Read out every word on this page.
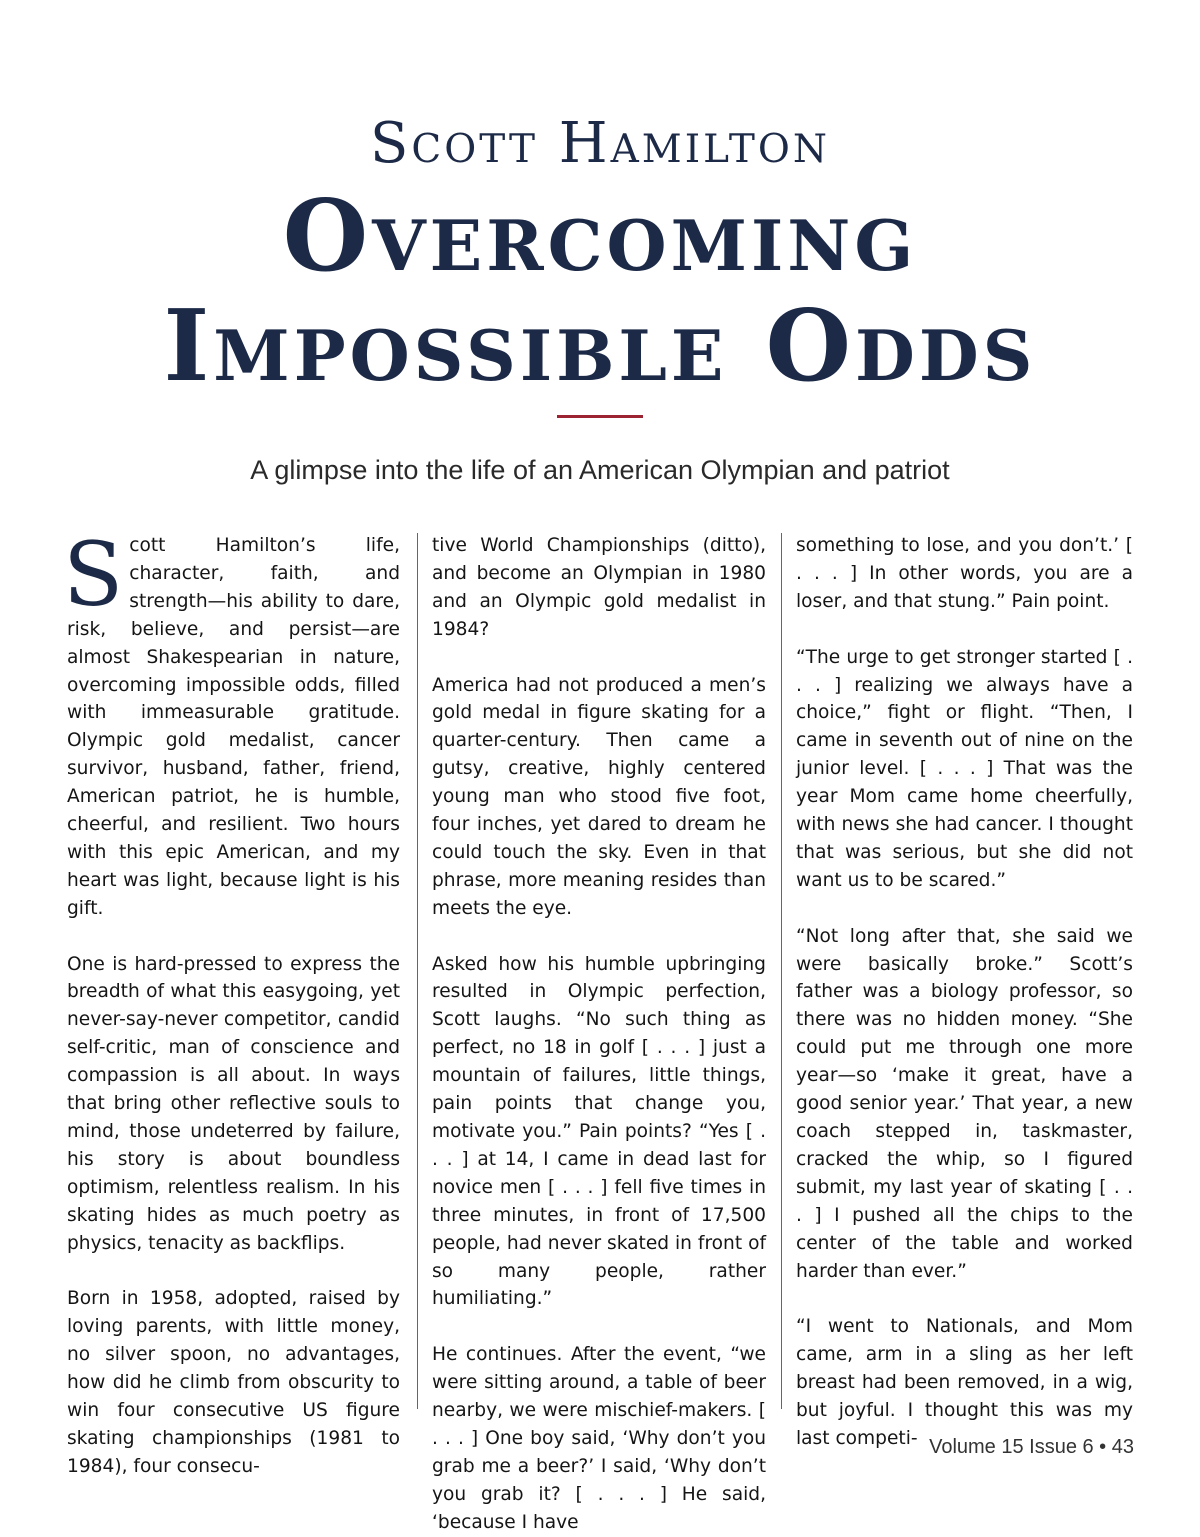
Scott Hamilton
Overcoming
Impossible Odds
A glimpse into the life of an American Olympian and patriot

Scott Hamilton’s life, character, faith, and strength—his ability to dare, risk, believe, and persist—are almost Shakespearian in nature, overcoming impossible odds, filled with immeasurable gratitude. Olympic gold medalist, cancer survivor, husband, father, friend, American patriot, he is humble, cheerful, and resilient. Two hours with this epic American, and my heart was light, because light is his gift.

One is hard-pressed to express the breadth of what this easygoing, yet never-say-never competitor, candid self-critic, man of conscience and compassion is all about. In ways that bring other reflective souls to mind, those undeterred by failure, his story is about boundless optimism, relentless realism. In his skating hides as much poetry as physics, tenacity as backflips.

Born in 1958, adopted, raised by loving parents, with little money, no silver spoon, no advantages, how did he climb from obscurity to win four consecutive US figure skating championships (1981 to 1984), four consecu-

tive World Championships (ditto), and become an Olympian in 1980 and an Olympic gold medalist in 1984?

America had not produced a men’s gold medal in figure skating for a quarter-century. Then came a gutsy, creative, highly centered young man who stood five foot, four inches, yet dared to dream he could touch the sky. Even in that phrase, more meaning resides than meets the eye.

Asked how his humble upbringing resulted in Olympic perfection, Scott laughs. “No such thing as perfect, no 18 in golf [ . . . ] just a mountain of failures, little things, pain points that change you, motivate you.” Pain points? “Yes [ . . . ] at 14, I came in dead last for novice men [ . . . ] fell five times in three minutes, in front of 17,500 people, had never skated in front of so many people, rather humiliating.”

He continues. After the event, “we were sitting around, a table of beer nearby, we were mischief-makers. [ . . . ] One boy said, ‘Why don’t you grab me a beer?’ I said, ‘Why don’t you grab it? [ . . . ] He said, ‘because I have

something to lose, and you don’t.’ [ . . . ] In other words, you are a loser, and that stung.” Pain point.

“The urge to get stronger started [ . . . ] realizing we always have a choice,” fight or flight. “Then, I came in seventh out of nine on the junior level. [ . . . ] That was the year Mom came home cheerfully, with news she had cancer. I thought that was serious, but she did not want us to be scared.”

“Not long after that, she said we were basically broke.” Scott’s father was a biology professor, so there was no hidden money. “She could put me through one more year—so ‘make it great, have a good senior year.’ That year, a new coach stepped in, taskmaster, cracked the whip, so I figured submit, my last year of skating [ . . . ] I pushed all the chips to the center of the table and worked harder than ever.”

“I went to Nationals, and Mom came, arm in a sling as her left breast had been removed, in a wig, but joyful. I thought this was my last competi- Volume 15 Issue 6 • 43
